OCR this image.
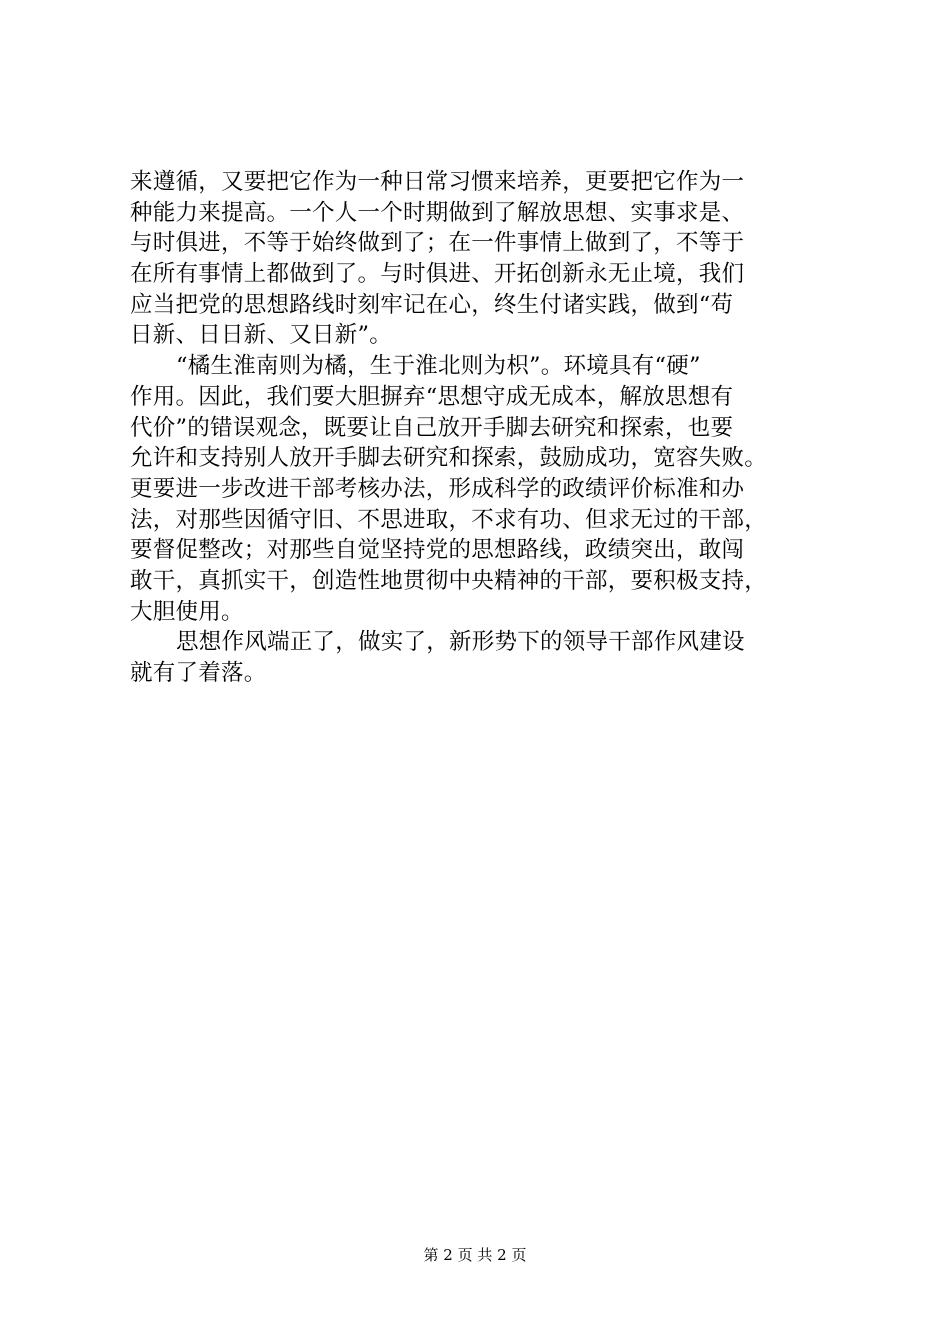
来遵循，又要把它作为一种日常习惯来培养，更要把它作为一
种能力来提高。一个人一个时期做到了解放思想、实事求是、
与时俱进，不等于始终做到了；在一件事情上做到了，不等于
在所有事情上都做到了。与时俱进、开拓创新永无止境，我们
应当把党的思想路线时刻牢记在心，终生付诸实践，做到“苟
日新、日日新、又日新”。
“橘生淮南则为橘，生于淮北则为枳”。环境具有“硬”
作用。因此，我们要大胆摒弃“思想守成无成本，解放思想有
代价”的错误观念，既要让自己放开手脚去研究和探索，也要
允许和支持别人放开手脚去研究和探索，鼓励成功，宽容失败。
更要进一步改进干部考核办法，形成科学的政绩评价标准和办
法，对那些因循守旧、不思进取，不求有功、但求无过的干部，
要督促整改；对那些自觉坚持党的思想路线，政绩突出，敢闯
敢干，真抓实干，创造性地贯彻中央精神的干部，要积极支持，
大胆使用。
思想作风端正了，做实了，新形势下的领导干部作风建设
就有了着落。
第 2 页 共 2 页
